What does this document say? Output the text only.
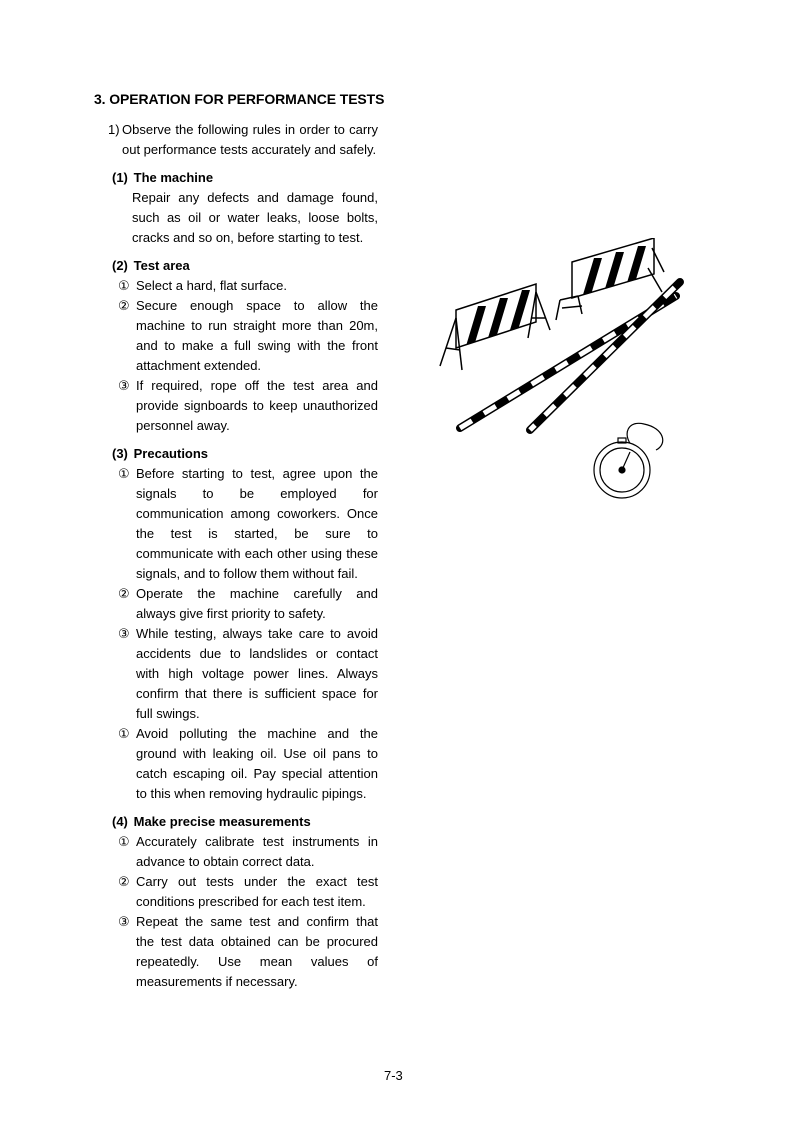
3. OPERATION FOR PERFORMANCE TESTS
1) Observe the following rules in order to carry out performance tests accurately and safely.
(1) The machine
Repair any defects and damage found, such as oil or water leaks, loose bolts, cracks and so on, before starting to test.
(2) Test area
① Select a hard, flat surface.
② Secure enough space to allow the machine to run straight more than 20m, and to make a full swing with the front attachment extended.
③ If required, rope off the test area and provide signboards to keep unauthorized personnel away.
(3) Precautions
① Before starting to test, agree upon the signals to be employed for communication among coworkers. Once the test is started, be sure to communicate with each other using these signals, and to follow them without fail.
② Operate the machine carefully and always give first priority to safety.
③ While testing, always take care to avoid accidents due to landslides or contact with high voltage power lines. Always confirm that there is sufficient space for full swings.
① Avoid polluting the machine and the ground with leaking oil. Use oil pans to catch escaping oil. Pay special attention to this when removing hydraulic pipings.
(4) Make precise measurements
① Accurately calibrate test instruments in advance to obtain correct data.
② Carry out tests under the exact test conditions prescribed for each test item.
③ Repeat the same test and confirm that the test data obtained can be procured repeatedly. Use mean values of measurements if necessary.
7-3
